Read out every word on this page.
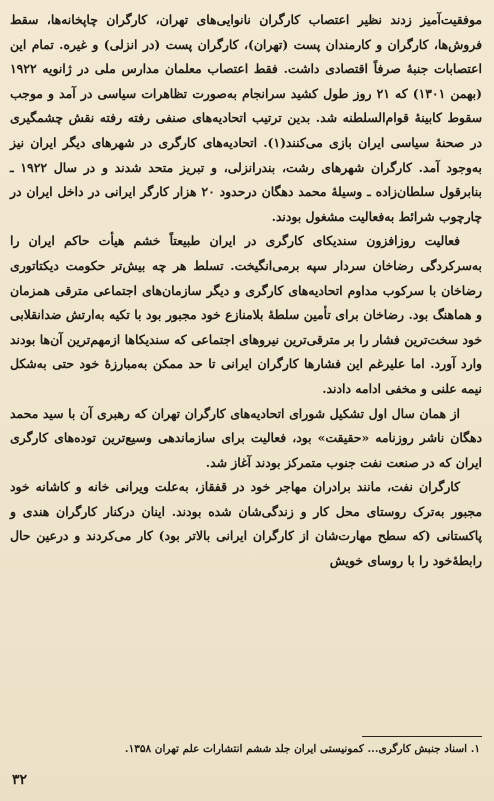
موفقیت‌آمیز زدند نظیر اعتصاب کارگران نانوایی‌های تهران، کارگران چاپخانه‌ها، سقط فروش‌ها، کارگران و کارمندان پست (تهران)، کارگران پست (در انزلی) و غیره. تمام این اعتصابات جنبهٔ صرفاً اقتصادی داشت. فقط اعتصاب معلمان مدارس ملی در ژانویه ۱۹۲۲ (بهمن ۱۳۰۱) که ۲۱ روز طول کشید سرانجام به‌صورت تظاهرات سیاسی در آمد و موجب سقوط کابینهٔ قوام‌السلطنه شد. بدین ترتیب اتحادیه‌های صنفی رفته رفته نقش چشمگیری در صحنهٔ سیاسی ایران بازی می‌کنند(۱). اتحادیه‌های کارگری در شهرهای دیگر ایران نیز به‌وجود آمد. کارگران شهرهای رشت، بندرانزلی، و تبریز متحد شدند و در سال ۱۹۲۲ ـ بنابرقول سلطان‌زاده ـ وسیلهٔ محمد دهگان درحدود ۲۰ هزار کارگر ایرانی در داخل ایران در چارچوب شرائط به‌فعالیت مشغول بودند.

فعالیت روزافزون سندیکای کارگری در ایران طبیعتاً خشم هیأت حاکم ایران را به‌سرکردگی رضاخان سردار سپه برمی‌انگیخت. تسلط هر چه بیش‌تر حکومت دیکتاتوری رضاخان با سرکوب مداوم اتحادیه‌های کارگری و دیگر سازمان‌های اجتماعی مترقی همزمان و هماهنگ بود. رضاخان برای تأمین سلطهٔ بلامنازع خود مجبور بود با تکیه به‌ارتش ضدانقلابی خود سخت‌ترین فشار را بر مترقی‌ترین نیروهای اجتماعی که سندیکاها ازمهم‌ترین آن‌ها بودند وارد آورد. اما علیرغم این فشارها کارگران ایرانی تا حد ممکن به‌مبارزهٔ خود حتی به‌شکل نیمه علنی و مخفی ادامه دادند.

از همان سال اول تشکیل شورای اتحادیه‌های کارگران تهران که رهبری آن با سید محمد دهگان ناشر روزنامه «حقیقت» بود، فعالیت برای سازماندهی وسیع‌ترین توده‌های کارگری ایران که در صنعت نفت جنوب متمرکز بودند آغاز شد.

کارگران نفت، مانند برادران مهاجر خود در قفقاز، به‌علت ویرانی خانه و کاشانه خود مجبور به‌ترک روستای محل کار و زندگی‌شان شده بودند. اینان درکنار کارگران هندی و پاکستانی (که سطح مهارت‌شان از کارگران ایرانی بالاتر بود) کار می‌کردند و درعین حال رابطهٔ‌خود را با روسای خویش

۱. اسناد جنبش کارگری... کمونیستی ایران جلد ششم انتشارات علم تهران ۱۳۵۸.
۳۲
